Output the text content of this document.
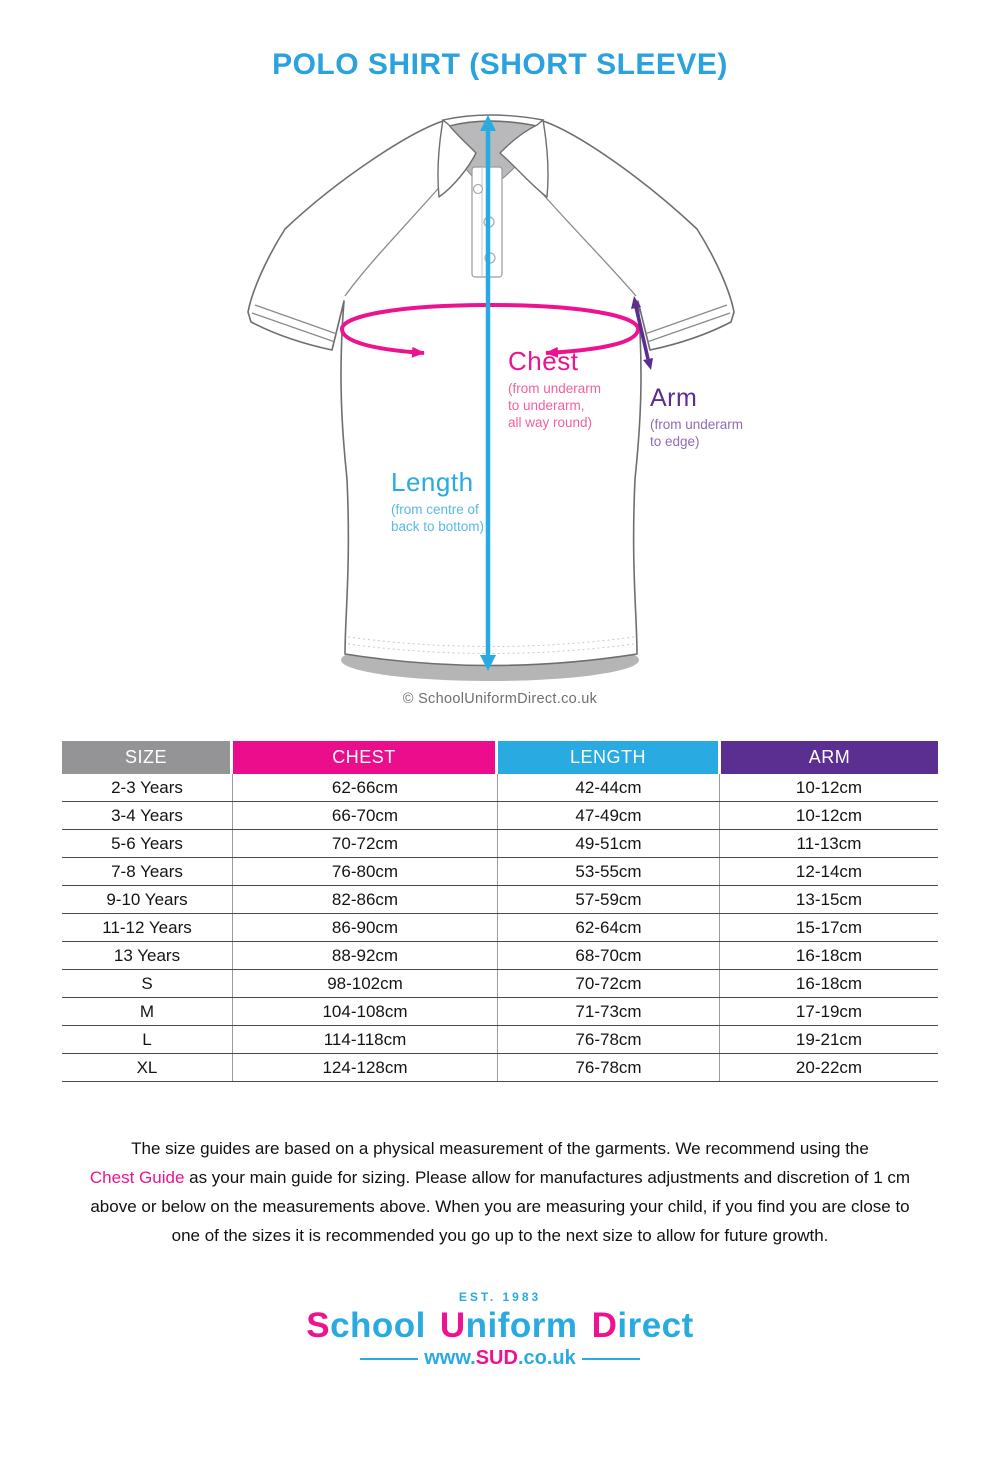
POLO SHIRT (SHORT SLEEVE)
Chest
(from underarm
to underarm,
all way round)
Arm
(from underarm
to edge)
Length
(from centre of
back to bottom)
© SchoolUniformDirect.co.uk
SIZE	CHEST	LENGTH	ARM
2-3 Years	62-66cm	42-44cm	10-12cm
3-4 Years	66-70cm	47-49cm	10-12cm
5-6 Years	70-72cm	49-51cm	11-13cm
7-8 Years	76-80cm	53-55cm	12-14cm
9-10 Years	82-86cm	57-59cm	13-15cm
11-12 Years	86-90cm	62-64cm	15-17cm
13 Years	88-92cm	68-70cm	16-18cm
S	98-102cm	70-72cm	16-18cm
M	104-108cm	71-73cm	17-19cm
L	114-118cm	76-78cm	19-21cm
XL	124-128cm	76-78cm	20-22cm
The size guides are based on a physical measurement of the garments. We recommend using the
Chest Guide as your main guide for sizing. Please allow for manufactures adjustments and discretion of 1 cm
above or below on the measurements above. When you are measuring your child, if you find you are close to
one of the sizes it is recommended you go up to the next size to allow for future growth.
EST. 1983
School Uniform Direct
www. SUD .co.uk
